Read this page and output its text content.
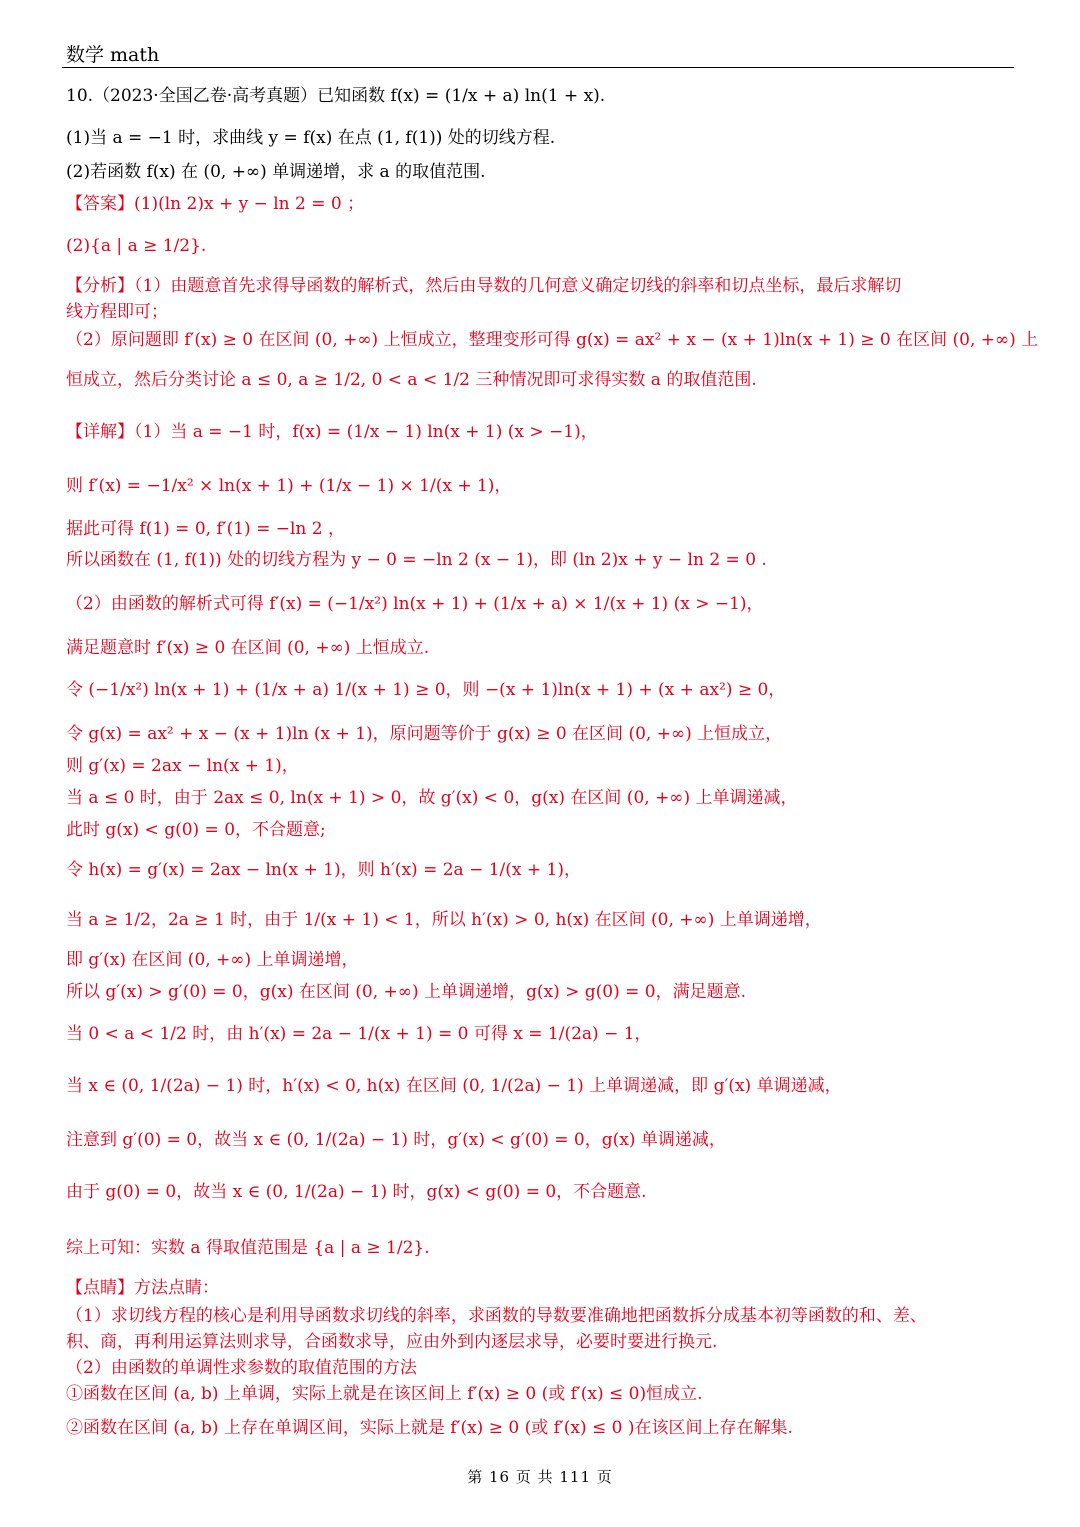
数学 math
10.（2023·全国乙卷·高考真题）已知函数 f(x) = (1/x + a) ln(1 + x).
(1)当 a = −1 时，求曲线 y = f(x) 在点 (1, f(1)) 处的切线方程.
(2)若函数 f(x) 在 (0, +∞) 单调递增，求 a 的取值范围.
【答案】(1)(ln 2)x + y − ln 2 = 0 ；
(2){a | a ≥ 1/2}.
【分析】（1）由题意首先求得导函数的解析式，然后由导数的几何意义确定切线的斜率和切点坐标，最后求解切
线方程即可；
（2）原问题即 f′(x) ≥ 0 在区间 (0, +∞) 上恒成立，整理变形可得 g(x) = ax² + x − (x + 1)ln(x + 1) ≥ 0 在区间 (0, +∞) 上
恒成立，然后分类讨论 a ≤ 0, a ≥ 1/2, 0 < a < 1/2 三种情况即可求得实数 a 的取值范围.
【详解】（1）当 a = −1 时，f(x) = (1/x − 1) ln(x + 1) (x > −1)，
则 f′(x) = −1/x² × ln(x + 1) + (1/x − 1) × 1/(x + 1)，
据此可得 f(1) = 0, f′(1) = −ln 2 ，
所以函数在 (1, f(1)) 处的切线方程为 y − 0 = −ln 2 (x − 1)，即 (ln 2)x + y − ln 2 = 0 .
（2）由函数的解析式可得 f′(x) = (−1/x²) ln(x + 1) + (1/x + a) × 1/(x + 1) (x > −1)，
满足题意时 f′(x) ≥ 0 在区间 (0, +∞) 上恒成立.
令 (−1/x²) ln(x + 1) + (1/x + a) 1/(x + 1) ≥ 0，则 −(x + 1)ln(x + 1) + (x + ax²) ≥ 0，
令 g(x) = ax² + x − (x + 1)ln (x + 1)，原问题等价于 g(x) ≥ 0 在区间 (0, +∞) 上恒成立，
则 g′(x) = 2ax − ln(x + 1)，
当 a ≤ 0 时，由于 2ax ≤ 0, ln(x + 1) > 0，故 g′(x) < 0，g(x) 在区间 (0, +∞) 上单调递减，
此时 g(x) < g(0) = 0，不合题意;
令 h(x) = g′(x) = 2ax − ln(x + 1)，则 h′(x) = 2a − 1/(x + 1)，
当 a ≥ 1/2，2a ≥ 1 时，由于 1/(x + 1) < 1，所以 h′(x) > 0, h(x) 在区间 (0, +∞) 上单调递增，
即 g′(x) 在区间 (0, +∞) 上单调递增，
所以 g′(x) > g′(0) = 0，g(x) 在区间 (0, +∞) 上单调递增，g(x) > g(0) = 0，满足题意.
当 0 < a < 1/2 时，由 h′(x) = 2a − 1/(x + 1) = 0 可得 x = 1/(2a) − 1，
当 x ∈ (0, 1/(2a) − 1) 时，h′(x) < 0, h(x) 在区间 (0, 1/(2a) − 1) 上单调递减，即 g′(x) 单调递减，
注意到 g′(0) = 0，故当 x ∈ (0, 1/(2a) − 1) 时，g′(x) < g′(0) = 0，g(x) 单调递减，
由于 g(0) = 0，故当 x ∈ (0, 1/(2a) − 1) 时，g(x) < g(0) = 0，不合题意.
综上可知：实数 a 得取值范围是 {a | a ≥ 1/2}.
【点睛】方法点睛：
（1）求切线方程的核心是利用导函数求切线的斜率，求函数的导数要准确地把函数拆分成基本初等函数的和、差、
积、商，再利用运算法则求导，合函数求导，应由外到内逐层求导，必要时要进行换元.
（2）由函数的单调性求参数的取值范围的方法
①函数在区间 (a, b) 上单调，实际上就是在该区间上 f′(x) ≥ 0 (或 f′(x) ≤ 0)恒成立.
②函数在区间 (a, b) 上存在单调区间，实际上就是 f′(x) ≥ 0 (或 f′(x) ≤ 0 )在该区间上存在解集.
第 16 页 共 111 页
